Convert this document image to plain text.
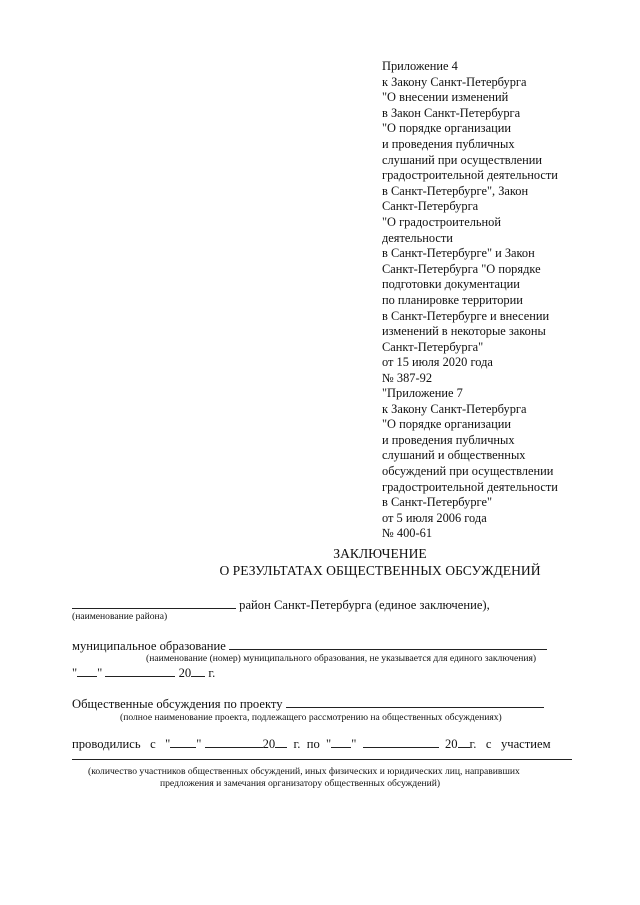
Приложение 4
к Закону Санкт-Петербурга
"О внесении изменений
в Закон Санкт-Петербурга
"О порядке организации
и проведения публичных
слушаний при осуществлении
градостроительной деятельности
в Санкт-Петербурге", Закон
Санкт-Петербурга
"О градостроительной
деятельности
в Санкт-Петербурге" и Закон
Санкт-Петербурга "О порядке
подготовки документации
по планировке территории
в Санкт-Петербурге и внесении
изменений в некоторые законы
Санкт-Петербурга"
от 15 июля 2020 года
№ 387-92
"Приложение 7
к Закону Санкт-Петербурга
"О порядке организации
и проведения публичных
слушаний и общественных
обсуждений при осуществлении
градостроительной деятельности
в Санкт-Петербурге"
от 5 июля 2006 года
№ 400-61
ЗАКЛЮЧЕНИЕ
О РЕЗУЛЬТАТАХ ОБЩЕСТВЕННЫХ ОБСУЖДЕНИЙ
район Санкт-Петербурга (единое заключение),
(наименование района)
муниципальное образование
(наименование (номер) муниципального образования, не указывается для единого заключения)
" "	20 г.
Общественные обсуждения по проекту
(полное наименование проекта, подлежащего рассмотрению на общественных обсуждениях)
проводились с " "	20 г. по " "	20 г. с участием
(количество участников общественных обсуждений, иных физических и юридических лиц, направивших
предложения и замечания организатору общественных обсуждений)
